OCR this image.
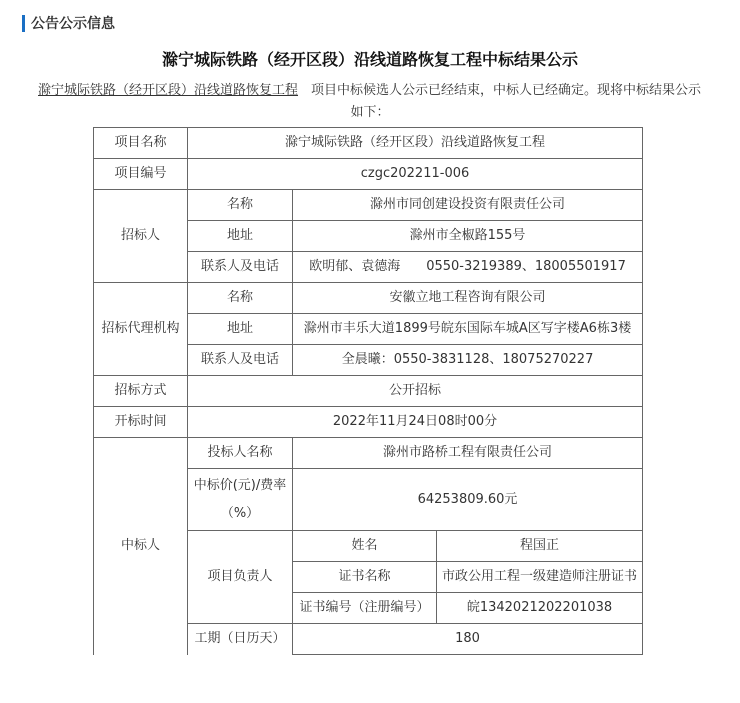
公告公示信息
滁宁城际铁路（经开区段）沿线道路恢复工程中标结果公示
滁宁城际铁路（经开区段）沿线道路恢复工程　 项目中标候选人公示已经结束，中标人已经确定。现将中标结果公示
如下：
项目名称	滁宁城际铁路（经开区段）沿线道路恢复工程		
项目编号	czgc202211-006		
招标人	名称	滁州市同创建设投资有限责任公司	
	地址	滁州市全椒路155号	
	联系人及电话	欧明郁、袁德海　　0550-3219389、18005501917	
招标代理机构	名称	安徽立地工程咨询有限公司	
	地址	滁州市丰乐大道1899号皖东国际车城A区写字楼A6栋3楼	
	联系人及电话	全晨曦：0550-3831128、18075270227	
招标方式	公开招标		
开标时间	2022年11月24日08时00分		
中标人	投标人名称	滁州市路桥工程有限责任公司	
	中标价(元)/费率（%）	64253809.60元	
	项目负责人	姓名	程国正
		证书名称	市政公用工程一级建造师注册证书
		证书编号（注册编号）	皖1342021202201038
	工期（日历天）	180	
